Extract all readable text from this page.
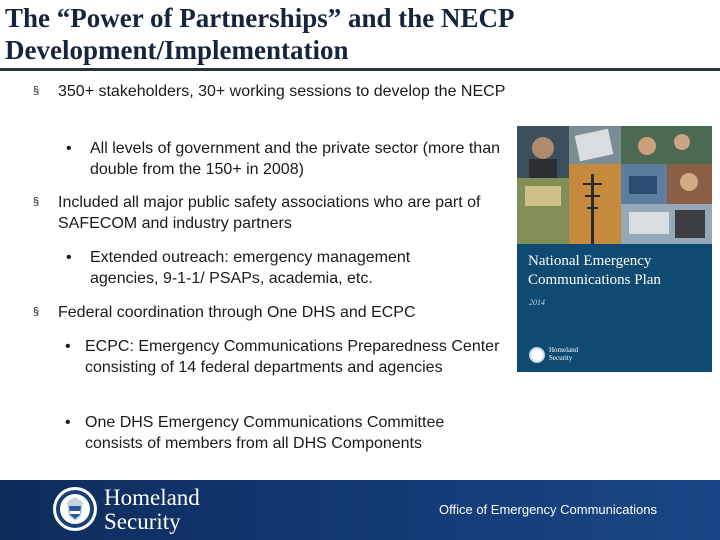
The “Power of Partnerships” and the NECP Development/Implementation
§ 350+ stakeholders, 30+ working sessions to develop the NECP
• All levels of government and the private sector (more than double from the 150+ in 2008)
§ Included all major public safety associations who are part of SAFECOM and industry partners
• Extended outreach: emergency management agencies, 9-1-1/ PSAPs, academia, etc.
§ Federal coordination through One DHS and ECPC
• ECPC: Emergency Communications Preparedness Center consisting of 14 federal departments and agencies
• One DHS Emergency Communications Committee consists of members from all DHS Components
National Emergency Communications Plan
2014
Homeland Security
Homeland Security	Office of Emergency Communications
